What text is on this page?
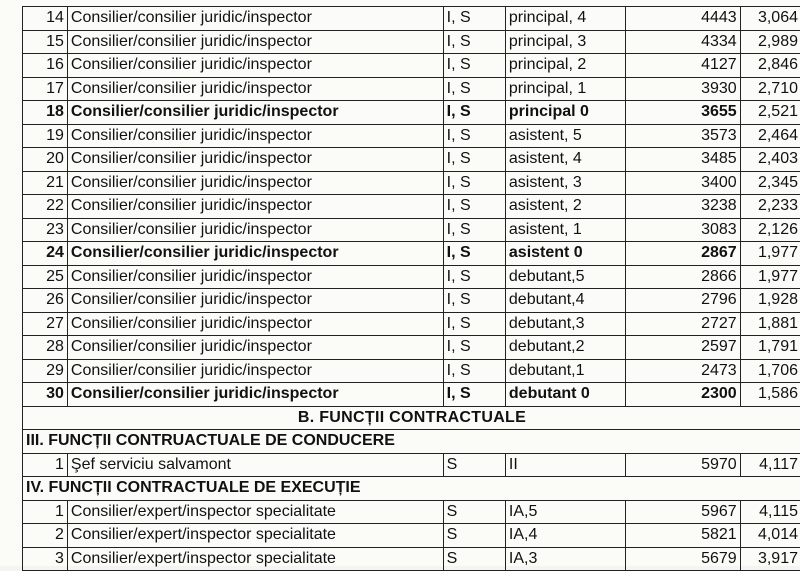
14	Consilier/consilier juridic/inspector	I, S	principal, 4	4443	3,064
15	Consilier/consilier juridic/inspector	I, S	principal, 3	4334	2,989
16	Consilier/consilier juridic/inspector	I, S	principal, 2	4127	2,846
17	Consilier/consilier juridic/inspector	I, S	principal, 1	3930	2,710
18	Consilier/consilier juridic/inspector	I, S	principal 0	3655	2,521
19	Consilier/consilier juridic/inspector	I, S	asistent, 5	3573	2,464
20	Consilier/consilier juridic/inspector	I, S	asistent, 4	3485	2,403
21	Consilier/consilier juridic/inspector	I, S	asistent, 3	3400	2,345
22	Consilier/consilier juridic/inspector	I, S	asistent, 2	3238	2,233
23	Consilier/consilier juridic/inspector	I, S	asistent, 1	3083	2,126
24	Consilier/consilier juridic/inspector	I, S	asistent 0	2867	1,977
25	Consilier/consilier juridic/inspector	I, S	debutant,5	2866	1,977
26	Consilier/consilier juridic/inspector	I, S	debutant,4	2796	1,928
27	Consilier/consilier juridic/inspector	I, S	debutant,3	2727	1,881
28	Consilier/consilier juridic/inspector	I, S	debutant,2	2597	1,791
29	Consilier/consilier juridic/inspector	I, S	debutant,1	2473	1,706
30	Consilier/consilier juridic/inspector	I, S	debutant 0	2300	1,586
B. FUNCȚII CONTRACTUALE					
III. FUNCȚII CONTRUACTUALE DE CONDUCERE					
1	Şef serviciu salvamont	S	II	5970	4,117
IV. FUNCȚII CONTRACTUALE DE EXECUȚIE					
1	Consilier/expert/inspector specialitate	S	IA,5	5967	4,115
2	Consilier/expert/inspector specialitate	S	IA,4	5821	4,014
3	Consilier/expert/inspector specialitate	S	IA,3	5679	3,917
